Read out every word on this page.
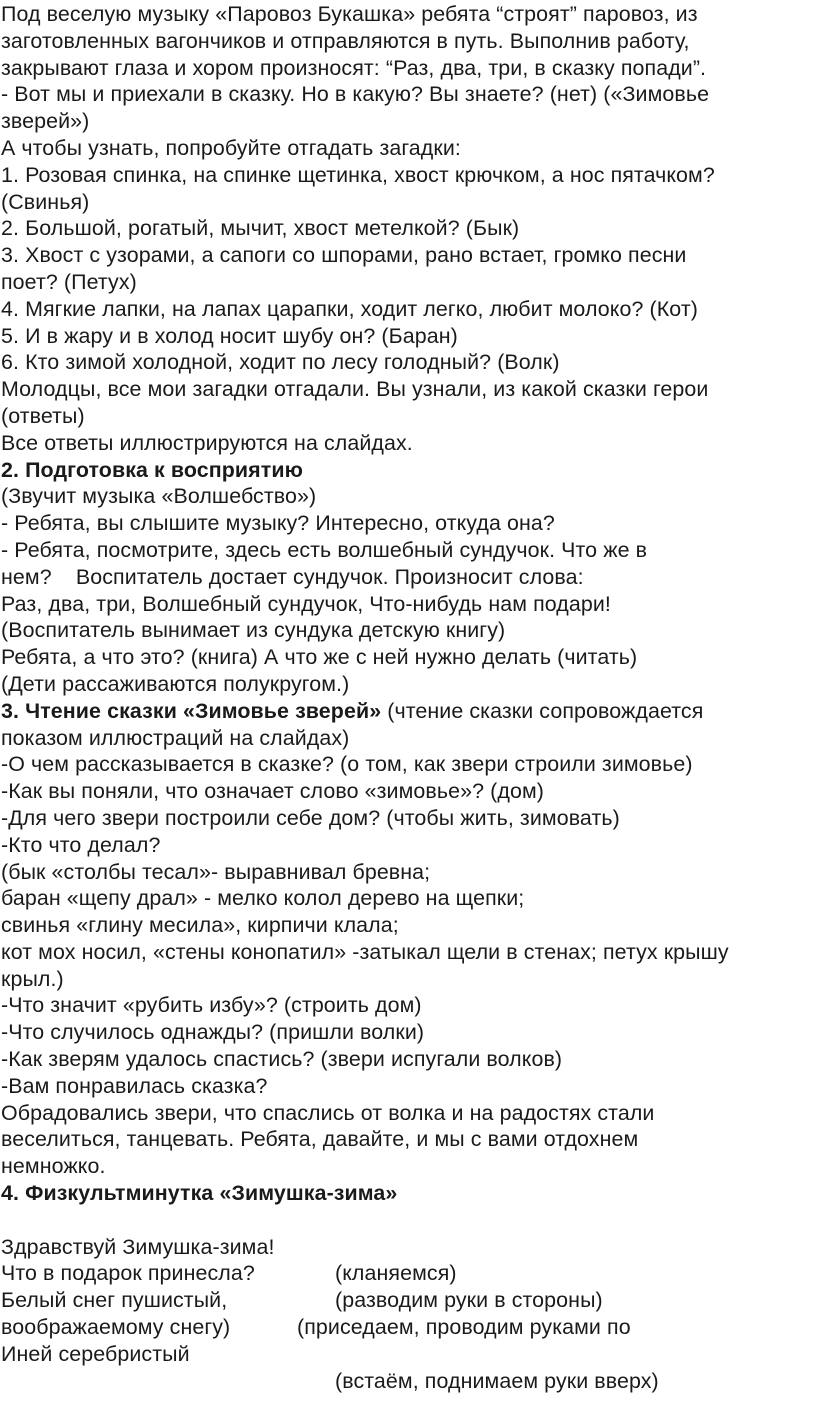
Под веселую музыку «Паровоз Букашка» ребята “строят” паровоз, из
заготовленных вагончиков и отправляются в путь. Выполнив работу,
закрывают глаза и хором произносят: “Раз, два, три, в сказку попади”.
- Вот мы и приехали в сказку. Но в какую? Вы знаете? (нет) («Зимовье
зверей»)
А чтобы узнать, попробуйте отгадать загадки:
1. Розовая спинка, на спинке щетинка, хвост крючком, а нос пятачком?
(Свинья)
2. Большой, рогатый, мычит, хвост метелкой? (Бык)
3. Хвост с узорами, а сапоги со шпорами, рано встает, громко песни
поет? (Петух)
4. Мягкие лапки, на лапах царапки, ходит легко, любит молоко? (Кот)
5. И в жару и в холод носит шубу он? (Баран)
6. Кто зимой холодной, ходит по лесу голодный? (Волк)
Молодцы, все мои загадки отгадали. Вы узнали, из какой сказки герои
(ответы)
Все ответы иллюстрируются на слайдах.
2. Подготовка к восприятию
(Звучит музыка «Волшебство»)
- Ребята, вы слышите музыку? Интересно, откуда она?
- Ребята, посмотрите, здесь есть волшебный сундучок. Что же в
нем?    Воспитатель достает сундучок. Произносит слова:
Раз, два, три, Волшебный сундучок, Что-нибудь нам подари!
(Воспитатель вынимает из сундука детскую книгу)
Ребята, а что это? (книга) А что же с ней нужно делать (читать)
(Дети рассаживаются полукругом.)
3. Чтение сказки «Зимовье зверей» (чтение сказки сопровождается
показом иллюстраций на слайдах)
-О чем рассказывается в сказке? (о том, как звери строили зимовье)
-Как вы поняли, что означает слово «зимовье»? (дом)
-Для чего звери построили себе дом? (чтобы жить, зимовать)
-Кто что делал?
(бык «столбы тесал»- выравнивал бревна;
баран «щепу драл» - мелко колол дерево на щепки;
свинья «глину месила», кирпичи клала;
кот мох носил, «стены конопатил» -затыкал щели в стенах; петух крышу
крыл.)
-Что значит «рубить избу»? (строить дом)
-Что случилось однажды? (пришли волки)
-Как зверям удалось спастись? (звери испугали волков)
-Вам понравилась сказка?
Обрадовались звери, что спаслись от волка и на радостях стали
веселиться, танцевать. Ребята, давайте, и мы с вами отдохнем
немножко.
4. Физкультминутка «Зимушка-зима»

Здравствуй Зимушка-зима!

(кланяемся)

Что в подарок принесла?

(разводим руки в стороны)

Белый снег пушистый,

(приседаем, проводим руками по

воображаемому снегу)

Иней серебристый

(встаём, поднимаем руки вверх)
